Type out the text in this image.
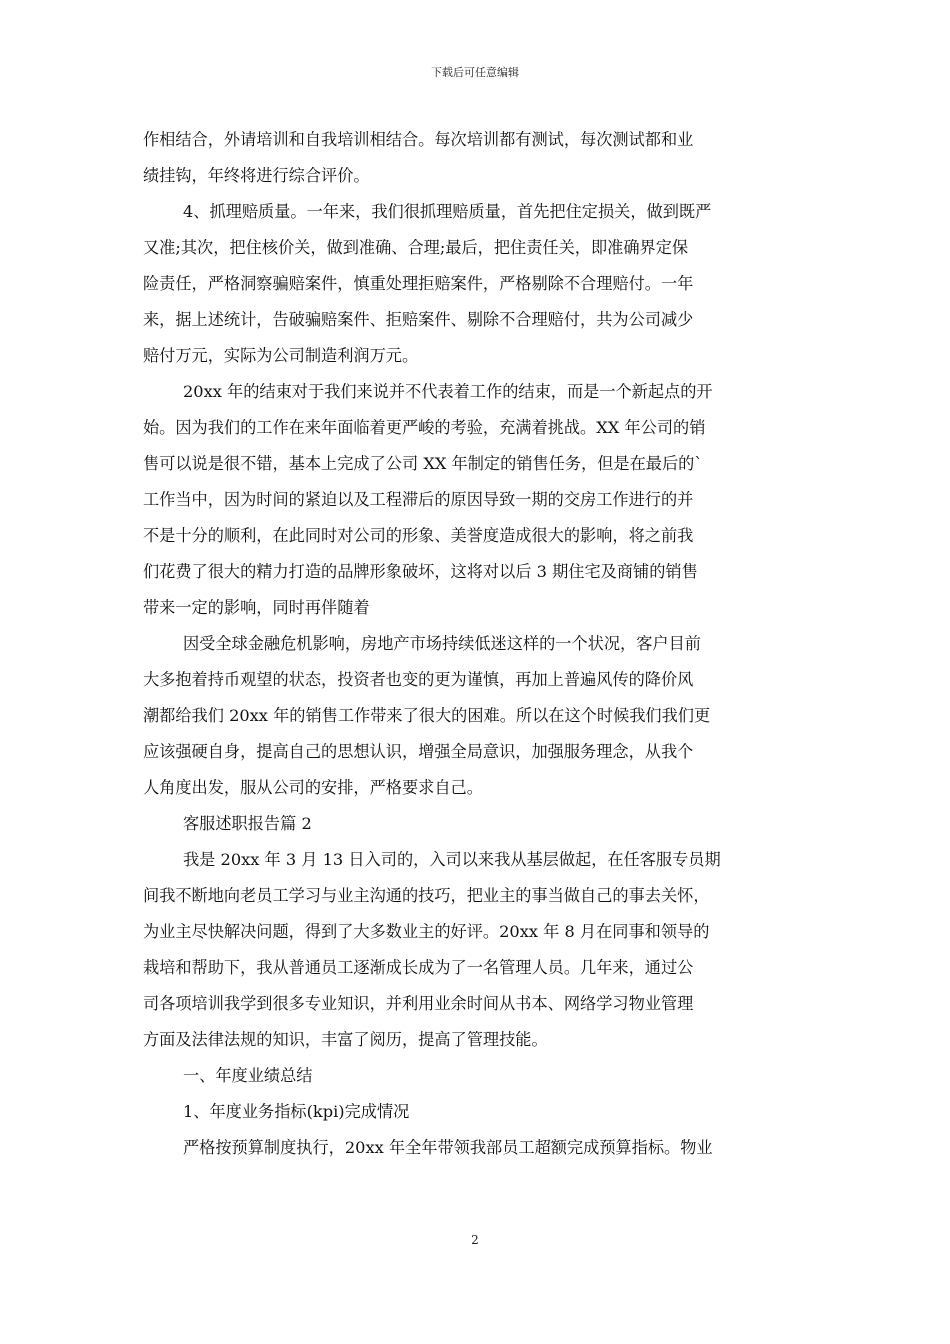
下载后可任意编辑
作相结合，外请培训和自我培训相结合。每次培训都有测试，每次测试都和业
绩挂钩，年终将进行综合评价。
4、抓理赔质量。一年来，我们很抓理赔质量，首先把住定损关，做到既严
又准;其次，把住核价关，做到准确、合理;最后，把住责任关，即准确界定保
险责任，严格洞察骗赔案件，慎重处理拒赔案件，严格剔除不合理赔付。一年
来，据上述统计，告破骗赔案件、拒赔案件、剔除不合理赔付，共为公司减少
赔付万元，实际为公司制造利润万元。
20xx 年的结束对于我们来说并不代表着工作的结束，而是一个新起点的开
始。因为我们的工作在来年面临着更严峻的考验，充满着挑战。XX 年公司的销
售可以说是很不错，基本上完成了公司 XX 年制定的销售任务，但是在最后的`
工作当中，因为时间的紧迫以及工程滞后的原因导致一期的交房工作进行的并
不是十分的顺利，在此同时对公司的形象、美誉度造成很大的影响，将之前我
们花费了很大的精力打造的品牌形象破坏，这将对以后 3 期住宅及商铺的销售
带来一定的影响，同时再伴随着
因受全球金融危机影响，房地产市场持续低迷这样的一个状况，客户目前
大多抱着持币观望的状态，投资者也变的更为谨慎，再加上普遍风传的降价风
潮都给我们 20xx 年的销售工作带来了很大的困难。所以在这个时候我们我们更
应该强硬自身，提高自己的思想认识，增强全局意识，加强服务理念，从我个
人角度出发，服从公司的安排，严格要求自己。
客服述职报告篇 2
我是 20xx 年 3 月 13 日入司的，入司以来我从基层做起，在任客服专员期
间我不断地向老员工学习与业主沟通的技巧，把业主的事当做自己的事去关怀，
为业主尽快解决问题，得到了大多数业主的好评。20xx 年 8 月在同事和领导的
栽培和帮助下，我从普通员工逐渐成长成为了一名管理人员。几年来，通过公
司各项培训我学到很多专业知识，并利用业余时间从书本、网络学习物业管理
方面及法律法规的知识，丰富了阅历，提高了管理技能。
一、年度业绩总结
1、年度业务指标(kpi)完成情况
严格按预算制度执行，20xx 年全年带领我部员工超额完成预算指标。物业
2
